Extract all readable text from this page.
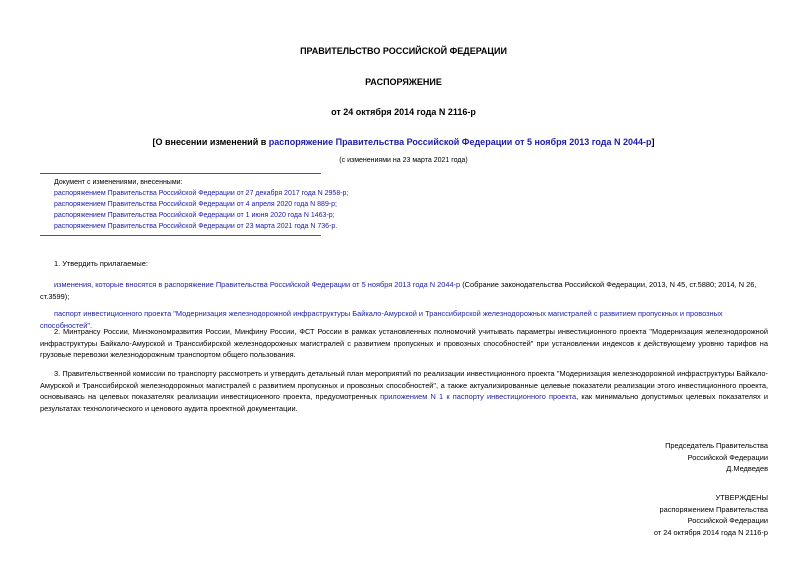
ПРАВИТЕЛЬСТВО РОССИЙСКОЙ ФЕДЕРАЦИИ
РАСПОРЯЖЕНИЕ
от 24 октября 2014 года N 2116-р
[О внесении изменений в распоряжение Правительства Российской Федерации от 5 ноября 2013 года N 2044-р]
(с изменениями на 23 марта 2021 года)

Документ с изменениями, внесенными:

распоряжением Правительства Российской Федерации от 27 декабря 2017 года N 2958-р;

распоряжением Правительства Российской Федерации от 4 апреля 2020 года N 889-р;

распоряжением Правительства Российской Федерации от 1 июня 2020 года N 1463-р;

распоряжением Правительства Российской Федерации от 23 марта 2021 года N 736-р.

1. Утвердить прилагаемые:
изменения, которые вносятся в распоряжение Правительства Российской Федерации от 5 ноября 2013 года N 2044-р (Собрание законодательства Российской Федерации, 2013, N 45, ст.5880; 2014, N 26, ст.3599);
паспорт инвестиционного проекта "Модернизация железнодорожной инфраструктуры Байкало-Амурской и Транссибирской железнодорожных магистралей с развитием пропускных и провозных способностей".
2. Минтрансу России, Минэкономразвития России, Минфину России, ФСТ России в рамках установленных полномочий учитывать параметры инвестиционного проекта "Модернизация железнодорожной инфраструктуры Байкало-Амурской и Транссибирской железнодорожных магистралей с развитием пропускных и провозных способностей" при установлении индексов к действующему уровню тарифов на грузовые перевозки железнодорожным транспортом общего пользования.
3. Правительственной комиссии по транспорту рассмотреть и утвердить детальный план мероприятий по реализации инвестиционного проекта "Модернизация железнодорожной инфраструктуры Байкало-Амурской и Транссибирской железнодорожных магистралей с развитием пропускных и провозных способностей", а также актуализированные целевые показатели реализации этого инвестиционного проекта, основываясь на целевых показателях реализации инвестиционного проекта, предусмотренных приложением N 1 к паспорту инвестиционного проекта, как минимально допустимых целевых показателях и результатах технологического и ценового аудита проектной документации.

Председатель Правительства

Российской Федерации

Д.Медведев

УТВЕРЖДЕНЫ

распоряжением Правительства

Российской Федерации

от 24 октября 2014 года N 2116-р
